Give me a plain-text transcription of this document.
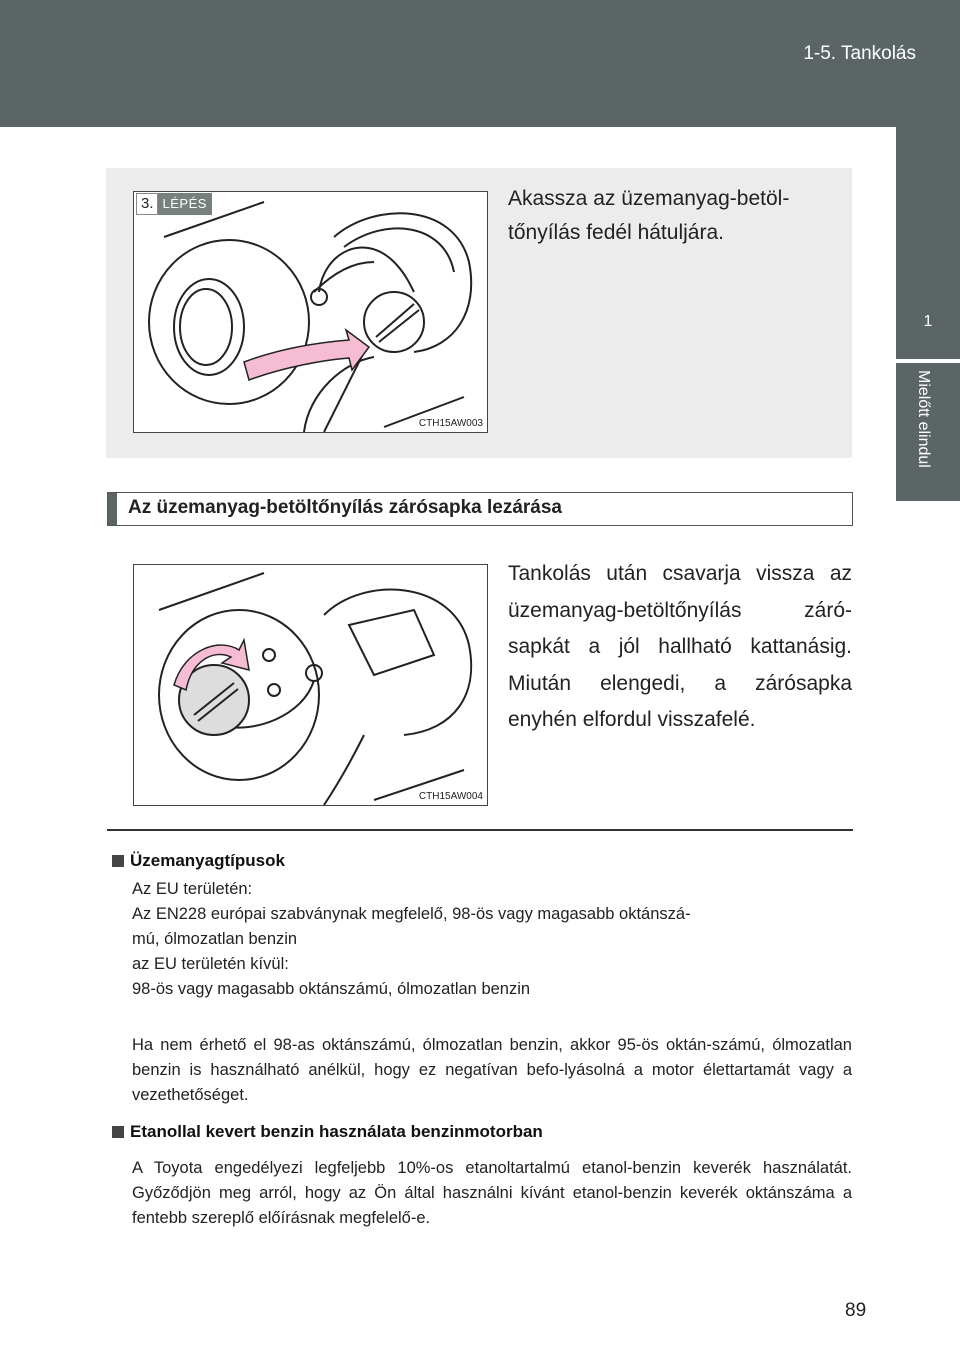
1-5. Tankolás
1
Mielőtt elindul
CTH15AW003
3. LÉPÉS	Akassza az üzemanyag-betöl-tőnyílás fedél hátuljára.
Az üzemanyag-betöltőnyílás zárósapka lezárása
CTH15AW004
Tankolás után csavarja vissza az üzemanyag-betöltőnyílás záró-sapkát a jól hallható kattanásig. Miután elengedi, a zárósapka enyhén elfordul visszafelé.
Üzemanyagtípusok
Az EU területén:
Az EN228 európai szabványnak megfelelő, 98-ös vagy magasabb oktánszá-
mú, ólmozatlan benzin
az EU területén kívül:
98-ös vagy magasabb oktánszámú, ólmozatlan benzin
Ha nem érhető el 98-as oktánszámú, ólmozatlan benzin, akkor 95-ös oktán-számú, ólmozatlan benzin is használható anélkül, hogy ez negatívan befo-lyásolná a motor élettartamát vagy a vezethetőséget.
Etanollal kevert benzin használata benzinmotorban
A Toyota engedélyezi legfeljebb 10%-os etanoltartalmú etanol-benzin keverék használatát. Győződjön meg arról, hogy az Ön által használni kívánt etanol-benzin keverék oktánszáma a fentebb szereplő előírásnak megfelelő-e.
89
